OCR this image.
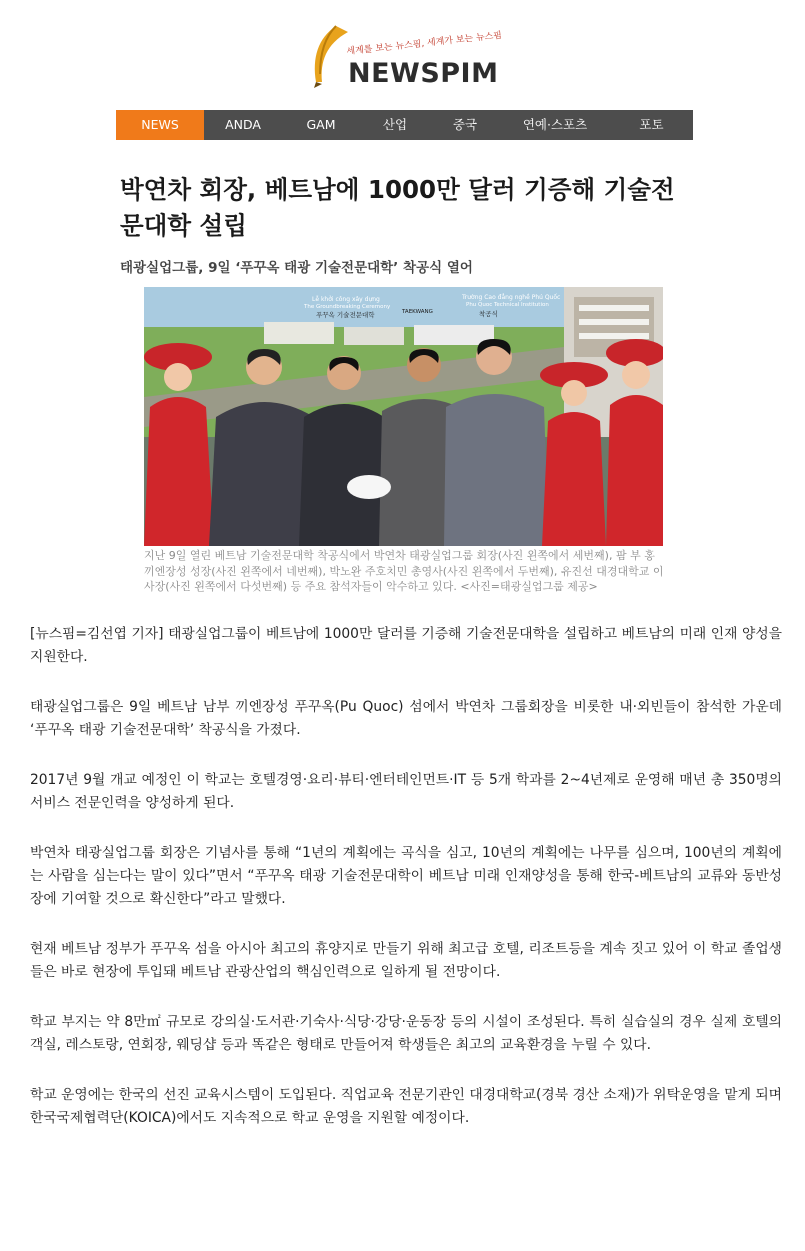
세계를 보는 뉴스핌, 세계가 보는 뉴스핌
NEWSPIM
NEWS	ANDA	GAM	산업	중국	연예·스포츠	포토
박연차 회장, 베트남에 1000만 달러 기증해 기술전
문대학 설립
태광실업그룹, 9일 ‘푸꾸옥 태광 기술전문대학’ 착공식 열어
Lễ khởi công xây dựng
The Groundbreaking Ceremony
푸꾸옥 기술전문대학	TAEKWANG
Trường Cao đẳng nghề Phú Quốc
Phu Quoc Technical Institution
착공식
지난 9일 열린 베트남 기술전문대학 착공식에서 박연차 태광실업그룹 회장(사진 왼쪽에서 세번째), 팜 부 홍 끼엔장성 성장(사진 왼쪽에서 네번째), 박노완 주호치민 총영사(사진 왼쪽에서 두번째), 유진선 대경대학교 이사장(사진 왼쪽에서 다섯번째) 등 주요 참석자들이 악수하고 있다. <사진=태광실업그룹 제공>

[뉴스핌=김선엽 기자] 태광실업그룹이 베트남에 1000만 달러를 기증해 기술전문대학을 설립하고 베트남의 미래 인재 양성을 지원한다.

태광실업그룹은 9일 베트남 남부 끼엔장성 푸꾸옥(Pu Quoc) 섬에서 박연차 그룹회장을 비롯한 내·외빈들이 참석한 가운데 ‘푸꾸옥 태광 기술전문대학’ 착공식을 가졌다.

2017년 9월 개교 예정인 이 학교는 호텔경영·요리·뷰티·엔터테인먼트·IT 등 5개 학과를 2~4년제로 운영해 매년 총 350명의 서비스 전문인력을 양성하게 된다.

박연차 태광실업그룹 회장은 기념사를 통해 “1년의 계획에는 곡식을 심고, 10년의 계획에는 나무를 심으며, 100년의 계획에는 사람을 심는다는 말이 있다”면서 “푸꾸옥 태광 기술전문대학이 베트남 미래 인재양성을 통해 한국-베트남의 교류와 동반성장에 기여할 것으로 확신한다”라고 말했다.

현재 베트남 정부가 푸꾸옥 섬을 아시아 최고의 휴양지로 만들기 위해 최고급 호텔, 리조트등을 계속 짓고 있어 이 학교 졸업생들은 바로 현장에 투입돼 베트남 관광산업의 핵심인력으로 일하게 될 전망이다.

학교 부지는 약 8만㎡ 규모로 강의실·도서관·기숙사·식당·강당·운동장 등의 시설이 조성된다. 특히 실습실의 경우 실제 호텔의 객실, 레스토랑, 연회장, 웨딩샵 등과 똑같은 형태로 만들어져 학생들은 최고의 교육환경을 누릴 수 있다.

학교 운영에는 한국의 선진 교육시스템이 도입된다. 직업교육 전문기관인 대경대학교(경북 경산 소재)가 위탁운영을 맡게 되며 한국국제협력단(KOICA)에서도 지속적으로 학교 운영을 지원할 예정이다.
